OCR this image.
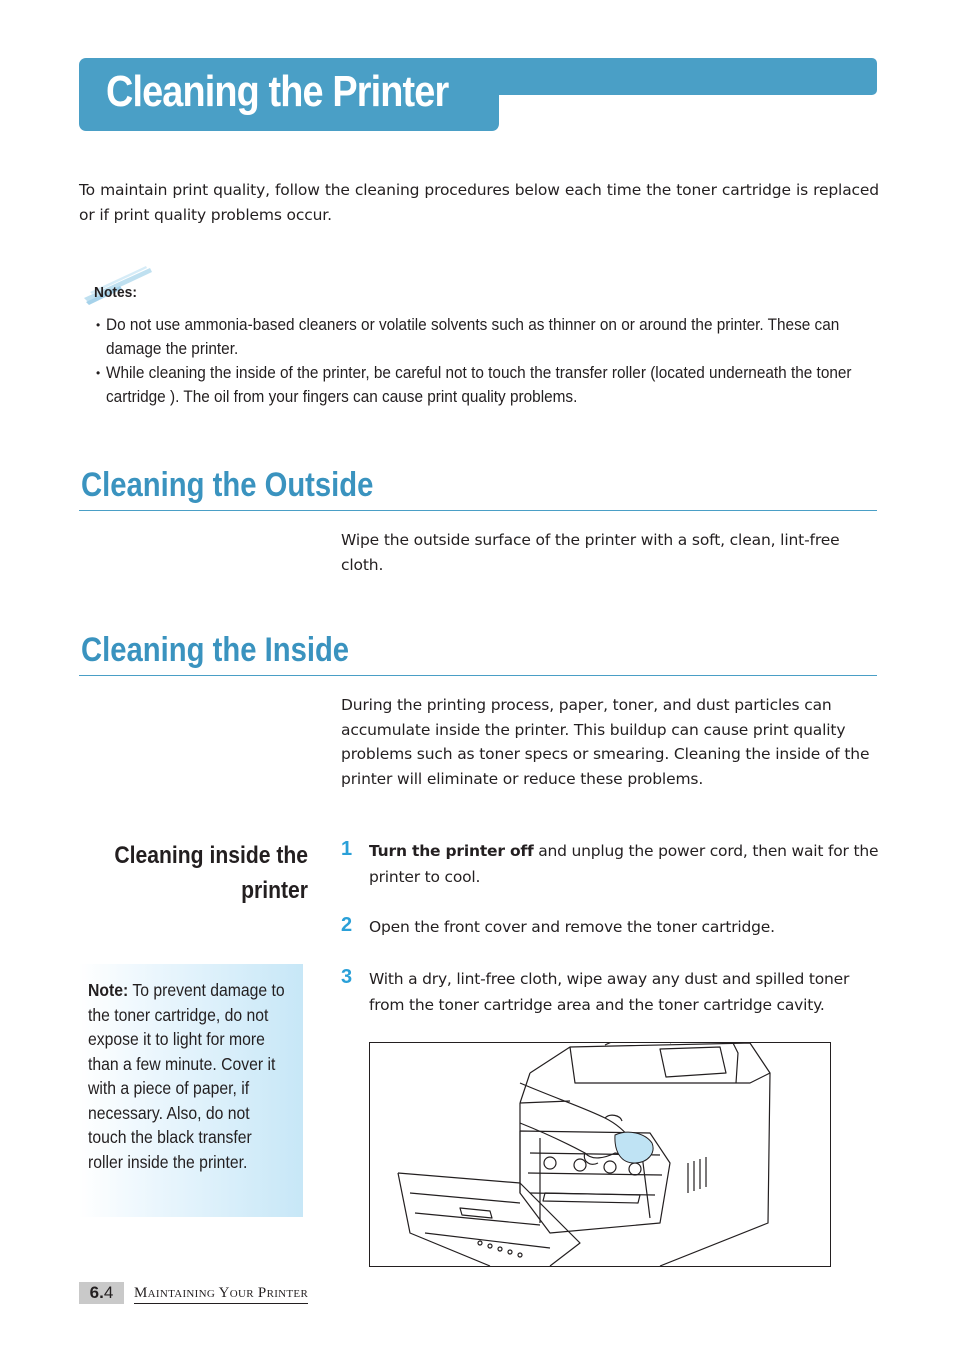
Cleaning the Printer

To maintain print quality, follow the cleaning procedures below each time the toner cartridge is replaced or if print quality problems occur.

Notes:
• Do not use ammonia-based cleaners or volatile solvents such as thinner on or around the printer. These can damage the printer.
• While cleaning the inside of the printer, be careful not to touch the transfer roller (located underneath the toner cartridge ). The oil from your fingers can cause print quality problems.
Cleaning the Outside

Wipe the outside surface of the printer with a soft, clean, lint-free cloth.

Cleaning the Inside

During the printing process, paper, toner, and dust particles can accumulate inside the printer. This buildup can cause print quality problems such as toner specs or smearing. Cleaning the inside of the printer will eliminate or reduce these problems.

Cleaning inside the
printer
1 Turn the printer off and unplug the power cord, then wait for the printer to cool.
2 Open the front cover and remove the toner cartridge.
3 With a dry, lint-free cloth, wipe away any dust and spilled toner from the toner cartridge area and the toner cartridge cavity.
Note: To prevent damage to the toner cartridge, do not expose it to light for more than a few minute. Cover it with a piece of paper, if necessary. Also, do not touch the black transfer roller inside the printer.
6.4	Maintaining Your Printer
